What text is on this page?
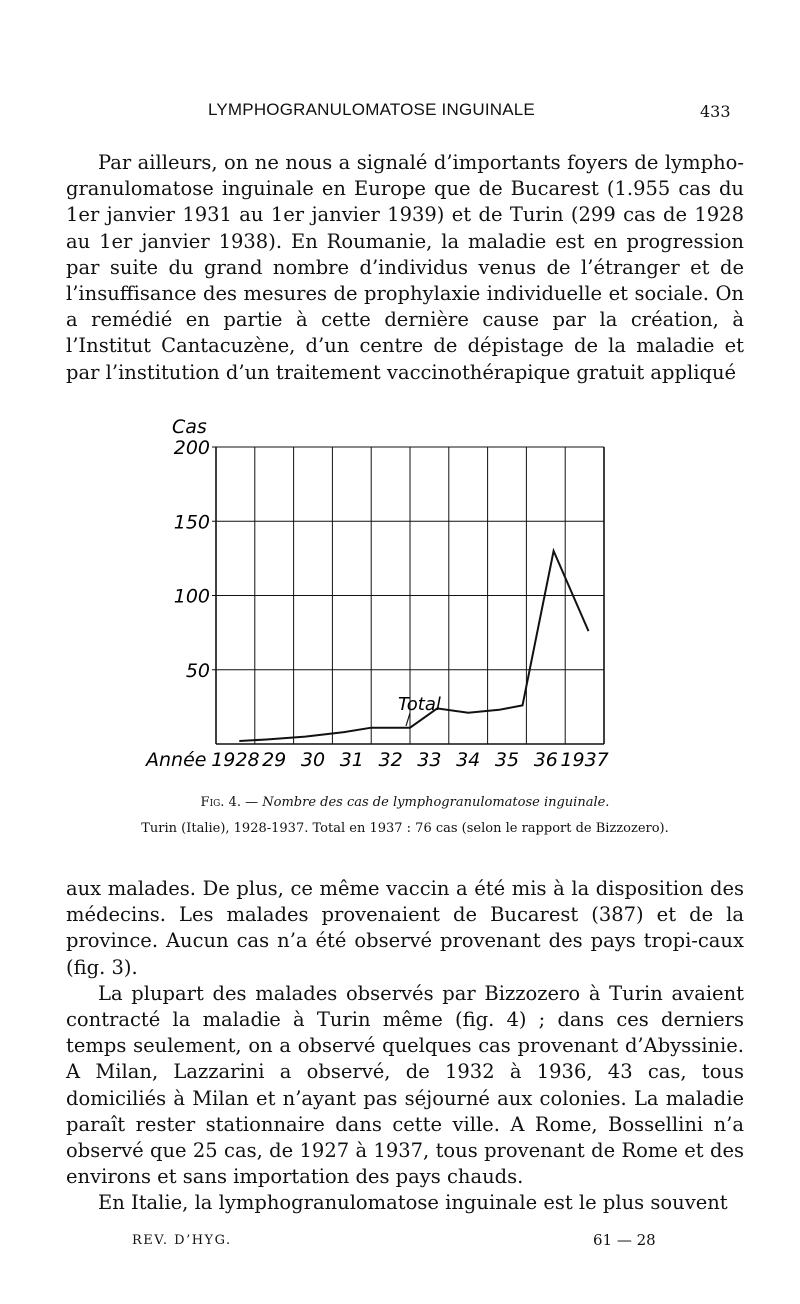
LYMPHOGRANULOMATOSE INGUINALE	433

Par ailleurs, on ne nous a signalé d’importants foyers de lympho-granulomatose inguinale en Europe que de Bucarest (1.955 cas du 1er janvier 1931 au 1er janvier 1939) et de Turin (299 cas de 1928 au 1er janvier 1938). En Roumanie, la maladie est en progression par suite du grand nombre d’individus venus de l’étranger et de l’insuffisance des mesures de prophylaxie individuelle et sociale. On a remédié en partie à cette dernière cause par la création, à l’Institut Cantacuzène, d’un centre de dépistage de la maladie et par l’institution d’un traitement vaccinothérapique gratuit appliqué

200
150
100
50
1928 29 30 31 32 33 34 35 36 1937
Cas
Année
Total
Fig. 4. — Nombre des cas de lymphogranulomatose inguinale.
Turin (Italie), 1928-1937. Total en 1937 : 76 cas (selon le rapport de Bizzozero).

aux malades. De plus, ce même vaccin a été mis à la disposition des médecins. Les malades provenaient de Bucarest (387) et de la province. Aucun cas n’a été observé provenant des pays tropi-caux (fig. 3).

La plupart des malades observés par Bizzozero à Turin avaient contracté la maladie à Turin même (fig. 4) ; dans ces derniers temps seulement, on a observé quelques cas provenant d’Abyssinie. A Milan, Lazzarini a observé, de 1932 à 1936, 43 cas, tous domiciliés à Milan et n’ayant pas séjourné aux colonies. La maladie paraît rester stationnaire dans cette ville. A Rome, Bossellini n’a observé que 25 cas, de 1927 à 1937, tous provenant de Rome et des environs et sans importation des pays chauds.

En Italie, la lymphogranulomatose inguinale est le plus souvent

REV. D’HYG.	61 — 28
